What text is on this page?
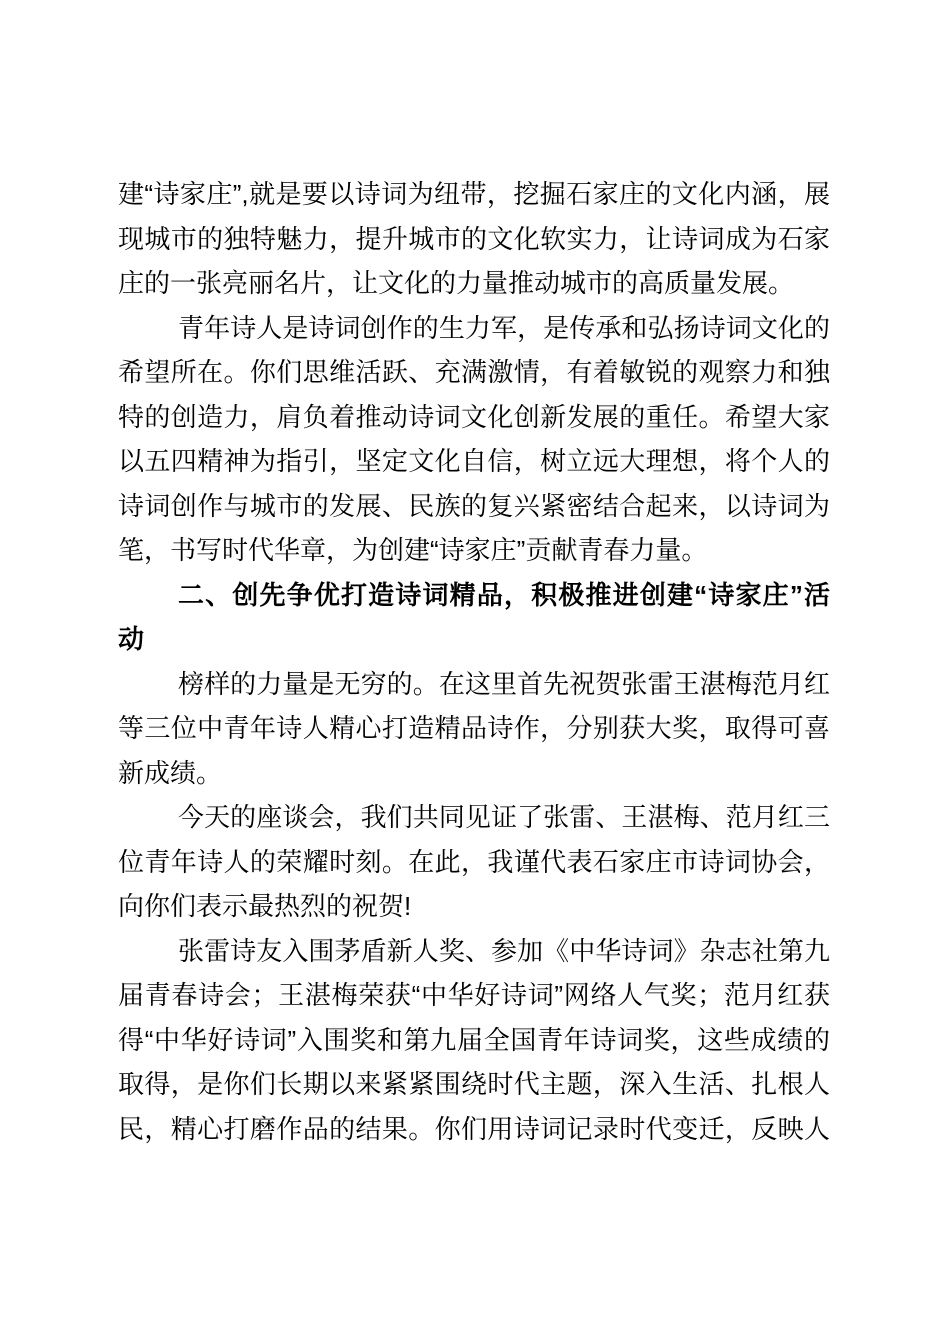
建“诗家庄”,就是要以诗词为纽带，挖掘石家庄的文化内涵，展
现城市的独特魅力，提升城市的文化软实力，让诗词成为石家
庄的一张亮丽名片，让文化的力量推动城市的高质量发展。
青年诗人是诗词创作的生力军，是传承和弘扬诗词文化的
希望所在。你们思维活跃、充满激情，有着敏锐的观察力和独
特的创造力，肩负着推动诗词文化创新发展的重任。希望大家
以五四精神为指引，坚定文化自信，树立远大理想，将个人的
诗词创作与城市的发展、民族的复兴紧密结合起来，以诗词为
笔，书写时代华章，为创建“诗家庄”贡献青春力量。
二、创先争优打造诗词精品，积极推进创建“诗家庄”活
动
榜样的力量是无穷的。在这里首先祝贺张雷王湛梅范月红
等三位中青年诗人精心打造精品诗作，分别获大奖，取得可喜
新成绩。
今天的座谈会，我们共同见证了张雷、王湛梅、范月红三
位青年诗人的荣耀时刻。在此，我谨代表石家庄市诗词协会，
向你们表示最热烈的祝贺!
张雷诗友入围茅盾新人奖、参加《中华诗词》杂志社第九
届青春诗会；王湛梅荣获“中华好诗词”网络人气奖；范月红获
得“中华好诗词”入围奖和第九届全国青年诗词奖，这些成绩的
取得，是你们长期以来紧紧围绕时代主题，深入生活、扎根人
民，精心打磨作品的结果。你们用诗词记录时代变迁，反映人
